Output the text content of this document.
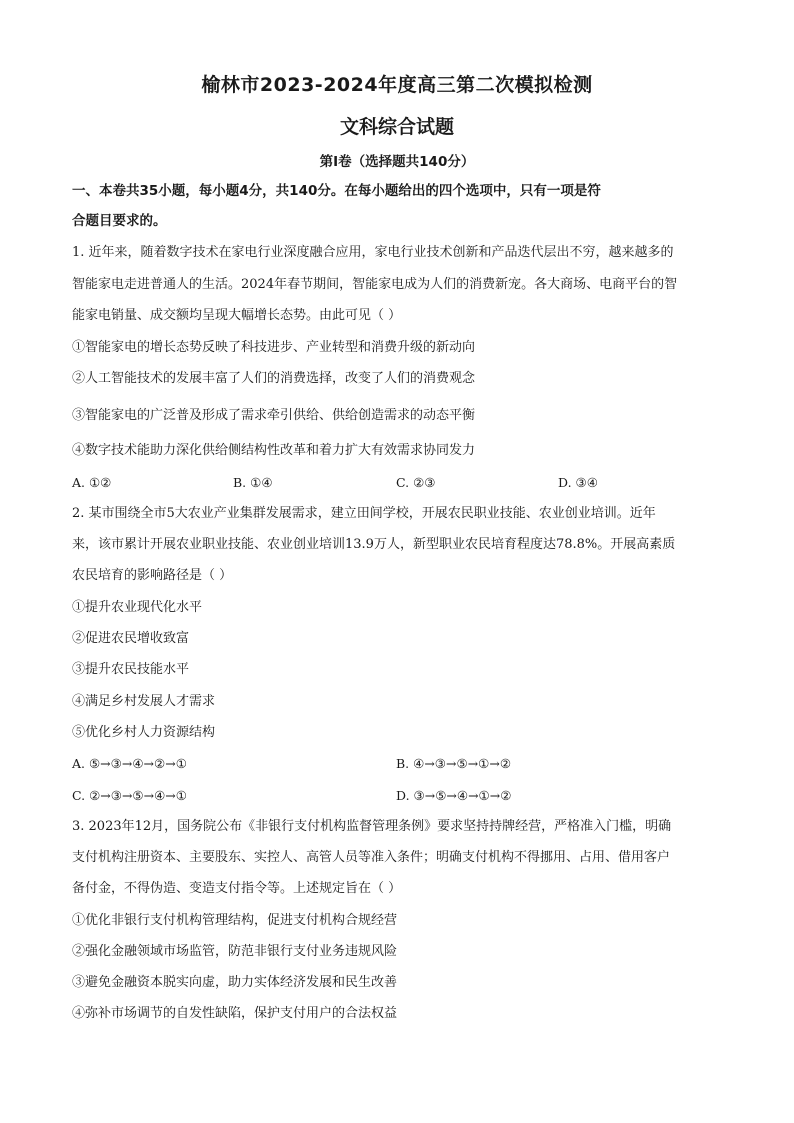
榆林市2023-2024年度高三第二次模拟检测
文科综合试题
第I卷（选择题共140分）
一、本卷共35小题，每小题4分，共140分。在每小题给出的四个选项中，只有一项是符
合题目要求的。
1. 近年来，随着数字技术在家电行业深度融合应用，家电行业技术创新和产品迭代层出不穷，越来越多的
智能家电走进普通人的生活。2024年春节期间，智能家电成为人们的消费新宠。各大商场、电商平台的智
能家电销量、成交额均呈现大幅增长态势。由此可见（ ）
①智能家电的增长态势反映了科技进步、产业转型和消费升级的新动向
②人工智能技术的发展丰富了人们的消费选择，改变了人们的消费观念
③智能家电的广泛普及形成了需求牵引供给、供给创造需求的动态平衡
④数字技术能助力深化供给侧结构性改革和着力扩大有效需求协同发力
A. ①②	B. ①④	C. ②③	D. ③④
2. 某市围绕全市5大农业产业集群发展需求，建立田间学校，开展农民职业技能、农业创业培训。近年
来，该市累计开展农业职业技能、农业创业培训13.9万人，新型职业农民培育程度达78.8%。开展高素质
农民培育的影响路径是（ ）
①提升农业现代化水平
②促进农民增收致富
③提升农民技能水平
④满足乡村发展人才需求
⑤优化乡村人力资源结构
A. ⑤→③→④→②→①	B. ④→③→⑤→①→②
C. ②→③→⑤→④→①	D. ③→⑤→④→①→②
3. 2023年12月，国务院公布《非银行支付机构监督管理条例》要求坚持持牌经营，严格准入门槛，明确
支付机构注册资本、主要股东、实控人、高管人员等准入条件；明确支付机构不得挪用、占用、借用客户
备付金，不得伪造、变造支付指令等。上述规定旨在（ ）
①优化非银行支付机构管理结构，促进支付机构合规经营
②强化金融领域市场监管，防范非银行支付业务违规风险
③避免金融资本脱实向虚，助力实体经济发展和民生改善
④弥补市场调节的自发性缺陷，保护支付用户的合法权益
